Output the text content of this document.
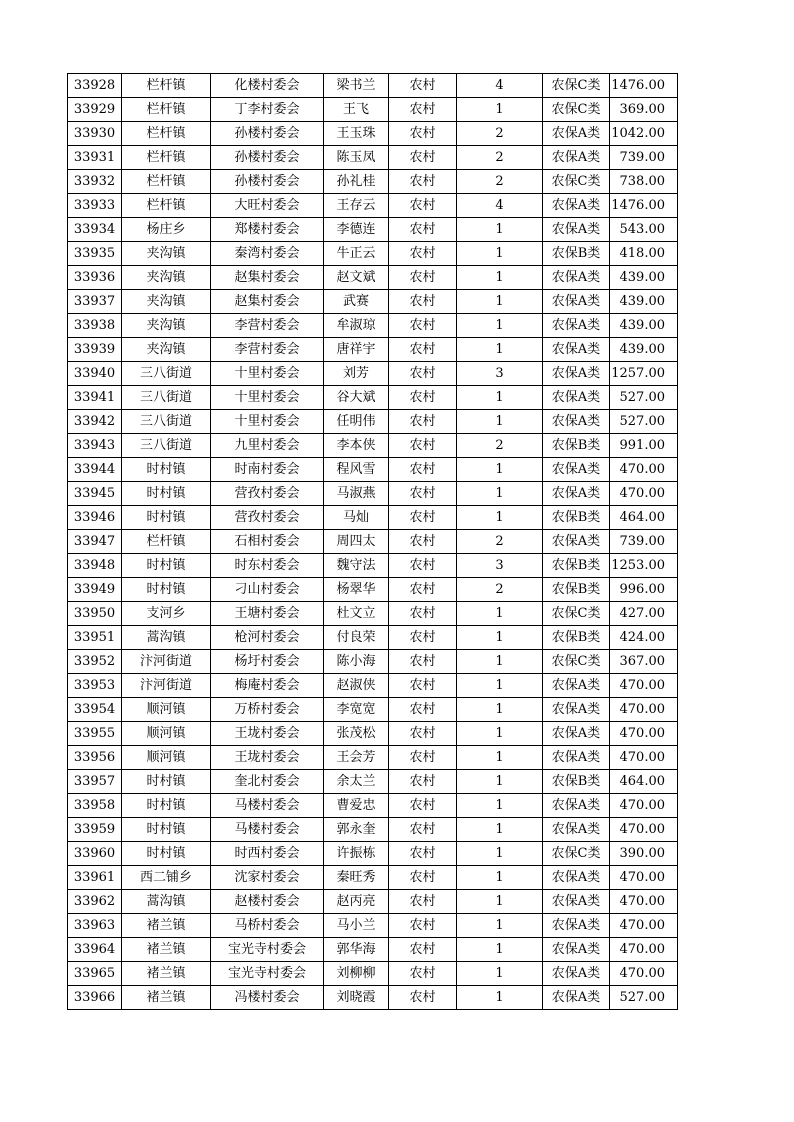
33928	栏杆镇	化楼村委会	梁书兰	农村	4	农保C类	1476.00
33929	栏杆镇	丁李村委会	王飞	农村	1	农保C类	369.00
33930	栏杆镇	孙楼村委会	王玉珠	农村	2	农保A类	1042.00
33931	栏杆镇	孙楼村委会	陈玉凤	农村	2	农保A类	739.00
33932	栏杆镇	孙楼村委会	孙礼桂	农村	2	农保C类	738.00
33933	栏杆镇	大旺村委会	王存云	农村	4	农保A类	1476.00
33934	杨庄乡	郑楼村委会	李德连	农村	1	农保A类	543.00
33935	夹沟镇	秦湾村委会	牛正云	农村	1	农保B类	418.00
33936	夹沟镇	赵集村委会	赵文斌	农村	1	农保A类	439.00
33937	夹沟镇	赵集村委会	武赛	农村	1	农保A类	439.00
33938	夹沟镇	李营村委会	牟淑琼	农村	1	农保A类	439.00
33939	夹沟镇	李营村委会	唐祥宇	农村	1	农保A类	439.00
33940	三八街道	十里村委会	刘芳	农村	3	农保A类	1257.00
33941	三八街道	十里村委会	谷大斌	农村	1	农保A类	527.00
33942	三八街道	十里村委会	任明伟	农村	1	农保A类	527.00
33943	三八街道	九里村委会	李本侠	农村	2	农保B类	991.00
33944	时村镇	时南村委会	程风雪	农村	1	农保A类	470.00
33945	时村镇	营孜村委会	马淑燕	农村	1	农保A类	470.00
33946	时村镇	营孜村委会	马灿	农村	1	农保B类	464.00
33947	栏杆镇	石相村委会	周四太	农村	2	农保A类	739.00
33948	时村镇	时东村委会	魏守法	农村	3	农保B类	1253.00
33949	时村镇	刁山村委会	杨翠华	农村	2	农保B类	996.00
33950	支河乡	王塘村委会	杜文立	农村	1	农保C类	427.00
33951	蒿沟镇	枪河村委会	付良荣	农村	1	农保B类	424.00
33952	汴河街道	杨圩村委会	陈小海	农村	1	农保C类	367.00
33953	汴河街道	梅庵村委会	赵淑侠	农村	1	农保A类	470.00
33954	顺河镇	万桥村委会	李宽宽	农村	1	农保A类	470.00
33955	顺河镇	王垅村委会	张茂松	农村	1	农保A类	470.00
33956	顺河镇	王垅村委会	王会芳	农村	1	农保A类	470.00
33957	时村镇	奎北村委会	余太兰	农村	1	农保B类	464.00
33958	时村镇	马楼村委会	曹爱忠	农村	1	农保A类	470.00
33959	时村镇	马楼村委会	郭永奎	农村	1	农保A类	470.00
33960	时村镇	时西村委会	许振栋	农村	1	农保C类	390.00
33961	西二铺乡	沈家村委会	秦旺秀	农村	1	农保A类	470.00
33962	蒿沟镇	赵楼村委会	赵丙亮	农村	1	农保A类	470.00
33963	褚兰镇	马桥村委会	马小兰	农村	1	农保A类	470.00
33964	褚兰镇	宝光寺村委会	郭华海	农村	1	农保A类	470.00
33965	褚兰镇	宝光寺村委会	刘柳柳	农村	1	农保A类	470.00
33966	褚兰镇	冯楼村委会	刘晓霞	农村	1	农保A类	527.00
